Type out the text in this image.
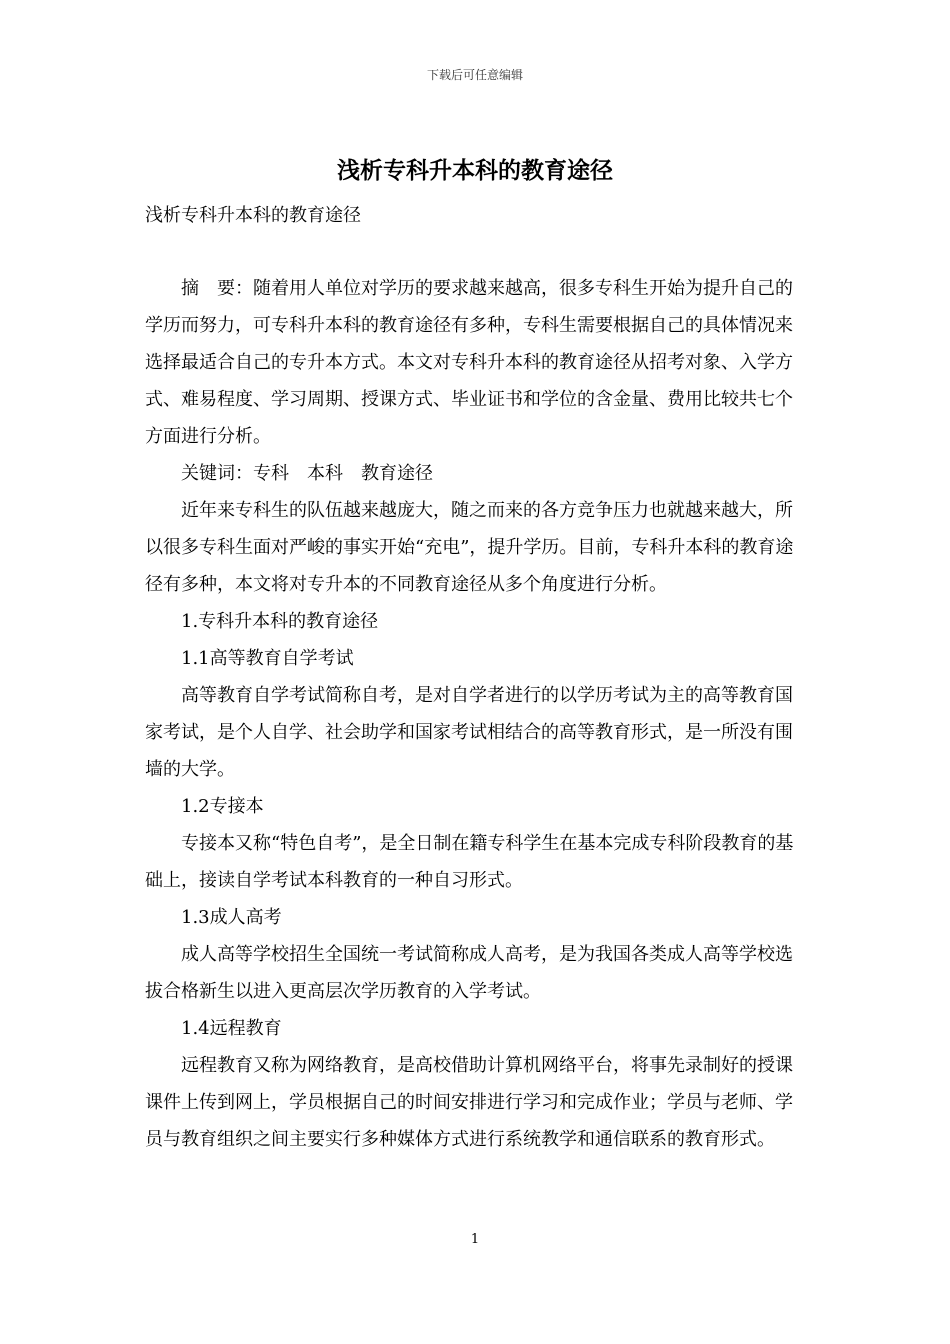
下载后可任意编辑
浅析专科升本科的教育途径

浅析专科升本科的教育途径

摘　要：随着用人单位对学历的要求越来越高，很多专科生开始为提升自己的学历而努力，可专科升本科的教育途径有多种，专科生需要根据自己的具体情况来选择最适合自己的专升本方式。本文对专科升本科的教育途径从招考对象、入学方式、难易程度、学习周期、授课方式、毕业证书和学位的含金量、费用比较共七个方面进行分析。

关键词：专科　本科　教育途径

近年来专科生的队伍越来越庞大，随之而来的各方竞争压力也就越来越大，所以很多专科生面对严峻的事实开始“充电”，提升学历。目前，专科升本科的教育途径有多种，本文将对专升本的不同教育途径从多个角度进行分析。

1.专科升本科的教育途径

1.1高等教育自学考试

高等教育自学考试简称自考，是对自学者进行的以学历考试为主的高等教育国家考试，是个人自学、社会助学和国家考试相结合的高等教育形式，是一所没有围墙的大学。

1.2专接本

专接本又称“特色自考”，是全日制在籍专科学生在基本完成专科阶段教育的基础上，接读自学考试本科教育的一种自习形式。

1.3成人高考

成人高等学校招生全国统一考试简称成人高考，是为我国各类成人高等学校选拔合格新生以进入更高层次学历教育的入学考试。

1.4远程教育

远程教育又称为网络教育，是高校借助计算机网络平台，将事先录制好的授课课件上传到网上，学员根据自己的时间安排进行学习和完成作业；学员与老师、学员与教育组织之间主要实行多种媒体方式进行系统教学和通信联系的教育形式。

1
